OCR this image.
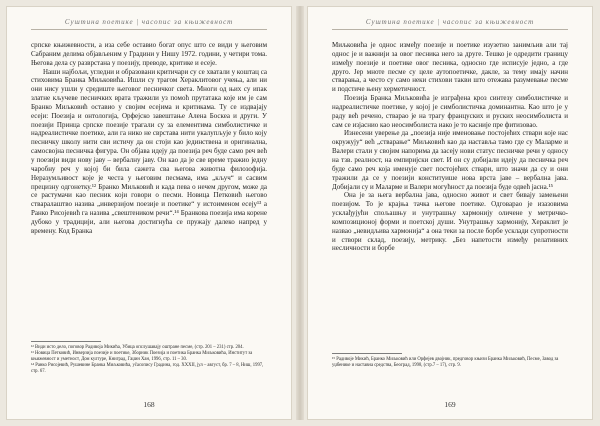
Суштина поетике | часопис за књижевност

српске књижевности, а иза себе оставио богат опус што се види у његовим Сабраним делима објављеним у Градини у Нишу 1972. години, у четири тома. Његова дела су разврстана у поезију, преводе, критике и есеје.

Наши најбољи, угледни и образовани критичари су се хватали у коштац са стиховима Бранка Миљковића. Ишли су трагом Хераклитовог учења, али ни они нису ушли у средиште његовог песничког света. Многи од њих су ипак златне кључеве песничких врата тражили уз помоћ прутатака које им је сам Бранко Миљковић оставио у својим есејима и критикама. Ту се издвајају есеји: Поезија и онтологија, Орфејско завештање Алена Боскеа и други. У поезији Принца српске поезије трагали су за елементима симболистичке и надреалистичке поетике, али га нико не сврстава нити укалупљује у било коју песничку школу нити сви истичу да он стоји као јединствена и оригинална, самосвојна песничка фигура. Он објава идеју да поезија реч буде само реч већ у поезији види нову јаву – вербалну јаву. Он као да је све време тражио једну чаробну реч у којој би била сажета сва његова животна филозофија. Неразумљивост које је честа у његовим песмама, има „кључ“ и сасвим прецизну одгонетку.¹² Бранко Миљковић и када пева о нечем другом, може да се растумачи као песник који говори о песми. Новица Петковић његово стваралаштво назива „инверзијом поезије и поетике“ у истоименом есеју¹³ а Ранко Рисојевић га назива „свештеником речи“.¹⁴ Бранкова поезија има корене дубоко у традицији, али његова достигнућа се пружају далеко напред у времену. Код Бранка

¹² Види исто дело, поговор Радивоја Микића, Убица опслушавају оштране песме, (стр. 201 – 231) стр. 204.

¹³ Новица Петковић, Инверзија поезије и поетике, Зборник Поезија и поетика Бранка Миљковића, Институт за књижевност и уметност, Дом културе, Книград, Гаџин Хан, 1996, стр. 11 – 30.

¹⁴ Ранко Рисојевић, Рушевине Бранка Миљковића, уčасопису Градина, год. XXXII, јул – август, бр. 7 – 8, Ниш, 1997, стр. 67.

168
Суштина поетике | часопис за књижевност

Миљковића је однос између поезије и поетике изузетно занимљив али тај однос је и важнији за овог песника него за друге. Тешко је одредити границу између поезије и поетике овог песника, односно где исписује једно, а где друго. Јер мноте песме су целе аутопоетичке, дакле, за тему имају начин стварања, а често су само неки стихови такви што отежава разумевање песме и подстиче њену херметичност.

Поезија Бранка Миљковића је изграђена кроз синтезу симболистичке и надреалистичке поетике, у којој је симболистичка доминантна. Као што је у раду већ речено, стварао је на трагу француских и руских неосимболиста и сам се изјаснио као неосимболиста иако је то касније пре фитизовао.

Изнесени уверење да „поезија није именовање постојећих ствари које нас окружују“ већ „стварање“ Миљковић као да наставља тамо где су Маларме и Валери стали у својим напорима да засеју нови статус песничке речи у односу на тзв. реалност, на емпиријски свет. И он су добијали идеју да песничка реч буде само реч која именује свет постојећих ствари, што значи да су и они тражили да се у поезији конституише нова врста јаве – вербална јава. Добијали су и Маларме и Валери могућност да поезија буде одвећ јасна.¹⁵

Она је за њега вербална јава, односно живот и свет бивају замењени поезијом. То је крајња тачка његове поетике. Одговарао је изазовима усклађујући спољашњу и унутрашњу хармонију оличене у метричко-композиционој форми и поетској души. Унутрашњу хармонију, Хераклит је назвао „невидљива хармонија“ а она теки за после борбе усклади супротности и створи склад, поезију, метрику. „Без напетости између релативних несличности и борбе

¹⁵ Радивоје Микић, Бранко Миљковић или Орфејев двојник, предговор књизи Бранка Миљковић, Песме, Завод за уџбенике и наставна средства, Београд, 1998, (стр.7 – 17), стр. 9.

169
